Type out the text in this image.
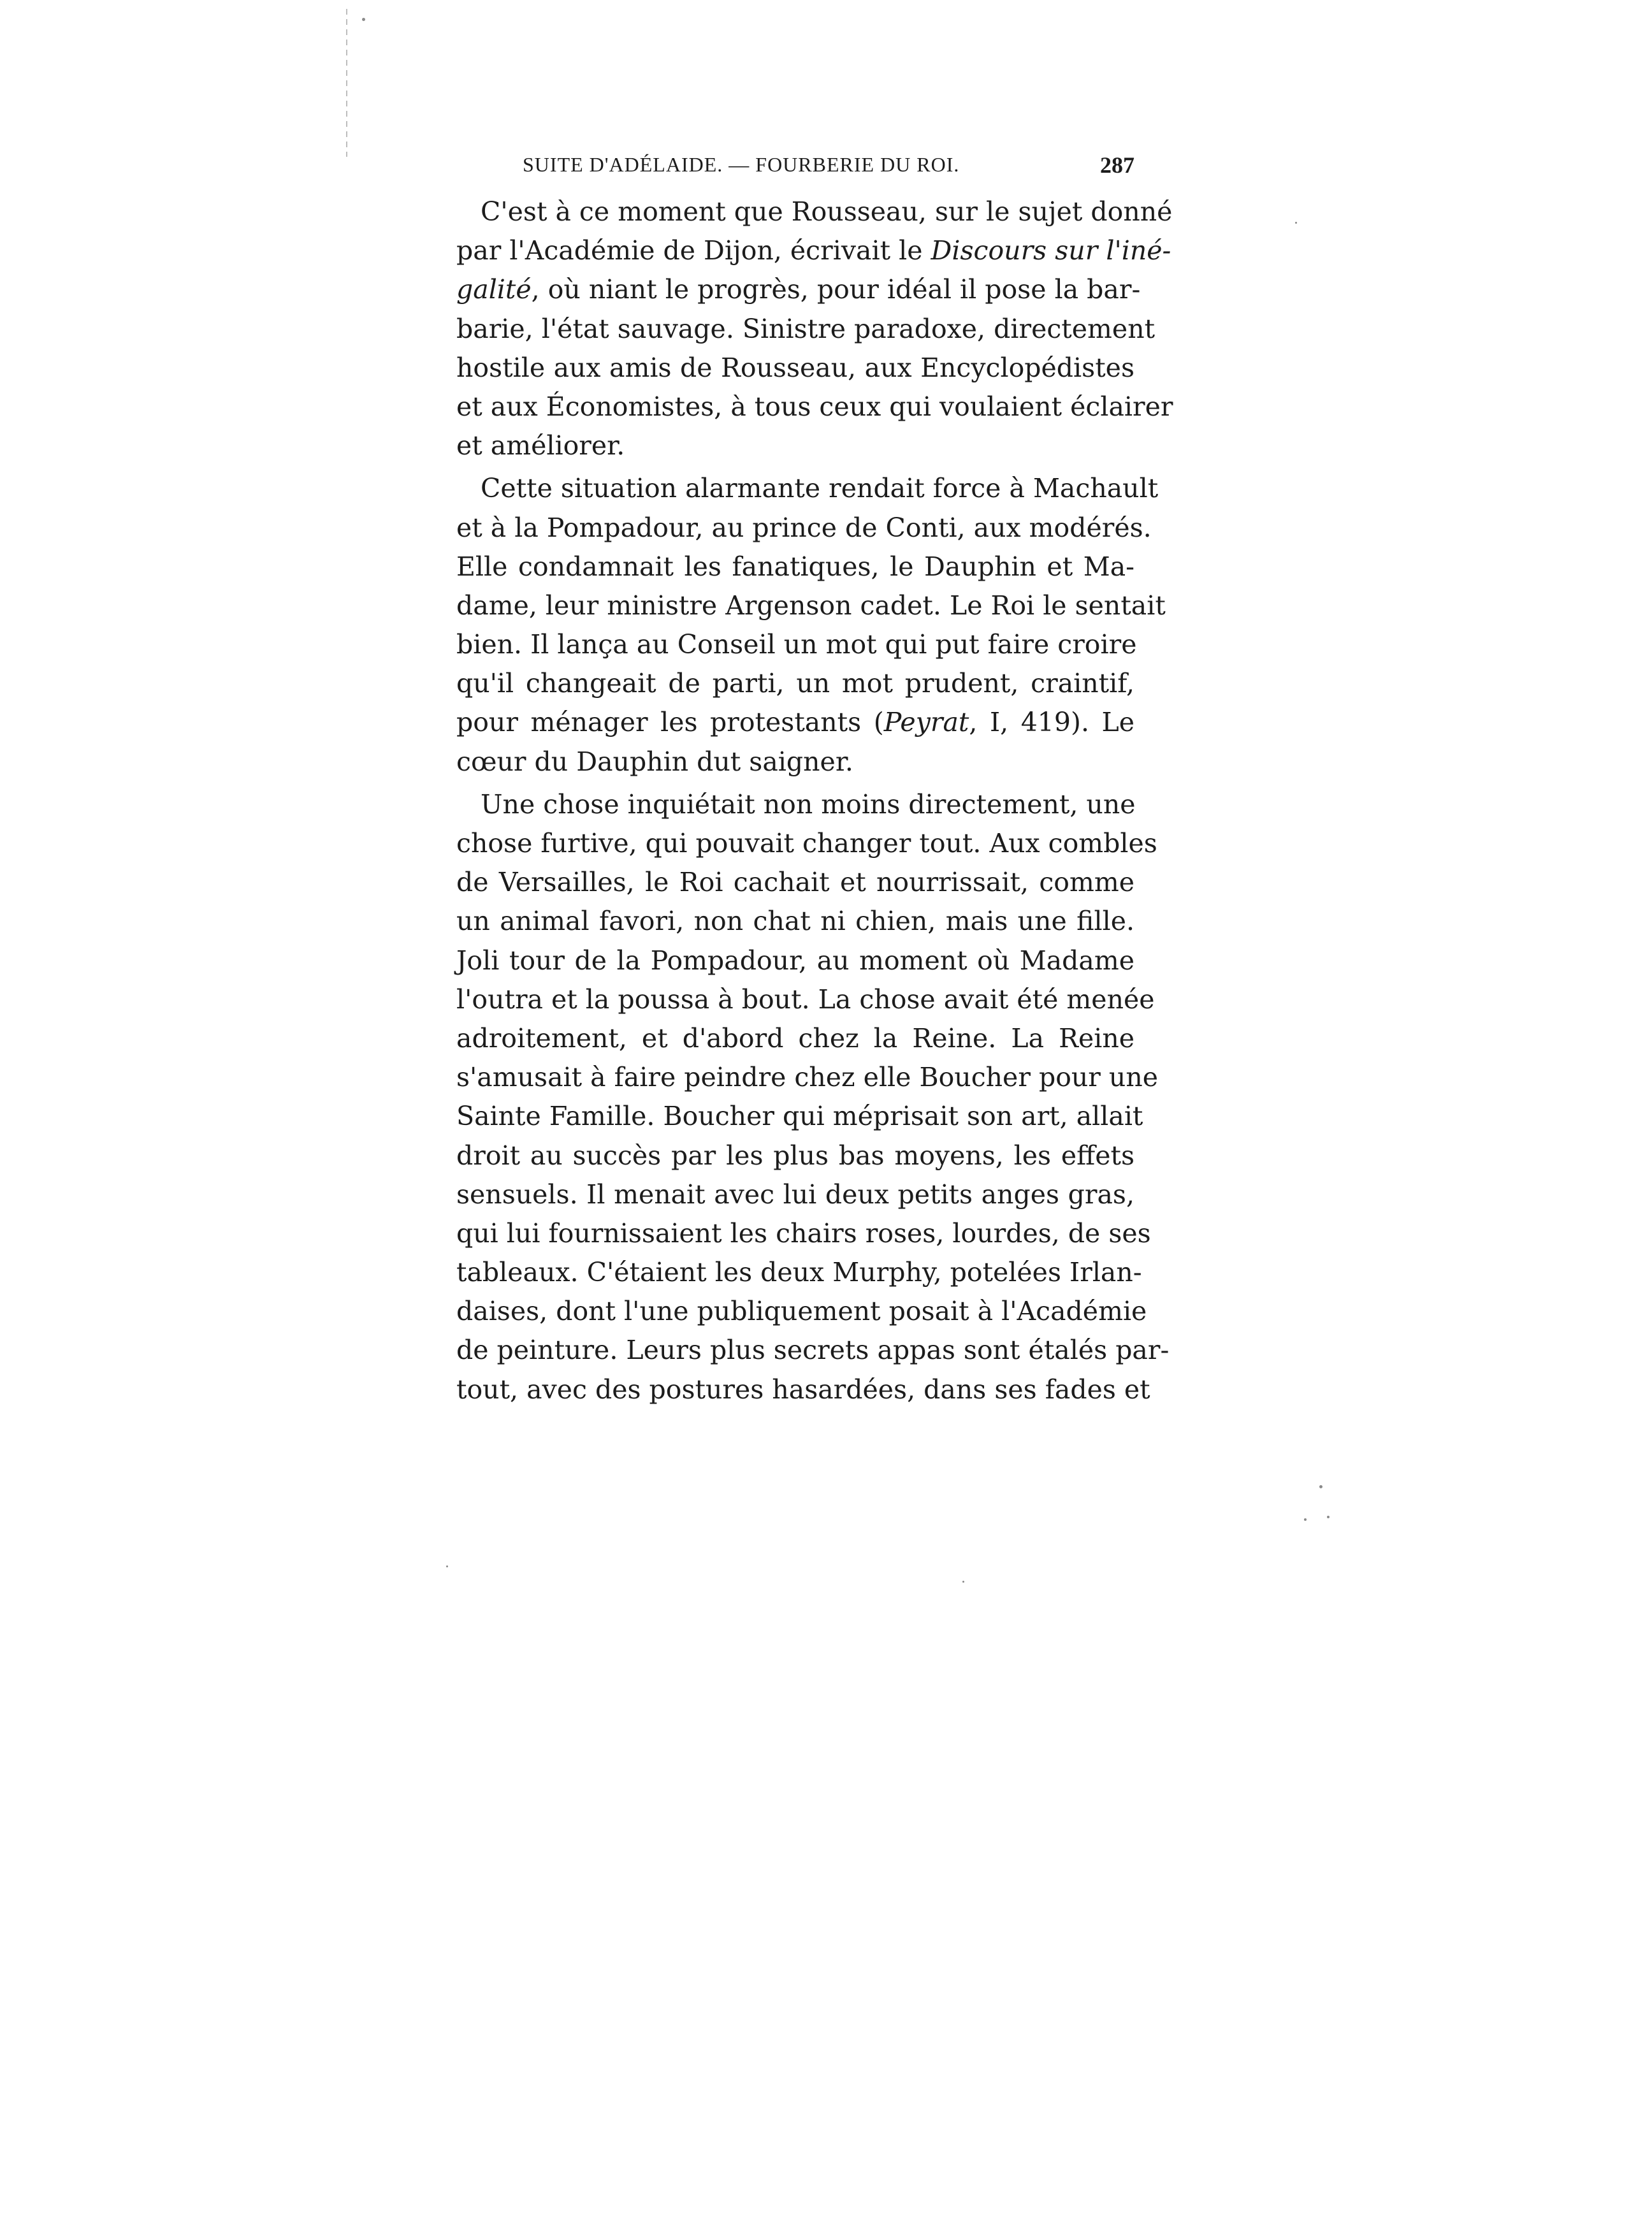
SUITE D'ADÉLAIDE. — FOURBERIE DU ROI.	287
C'est à ce moment que Rousseau, sur le sujet donné
par l'Académie de Dijon, écrivait le Discours sur l'iné-
galité, où niant le progrès, pour idéal il pose la bar-
barie, l'état sauvage. Sinistre paradoxe, directement
hostile aux amis de Rousseau, aux Encyclopédistes
et aux Économistes, à tous ceux qui voulaient éclairer
et améliorer.
Cette situation alarmante rendait force à Machault
et à la Pompadour, au prince de Conti, aux modérés.
Elle condamnait les fanatiques, le Dauphin et Ma-
dame, leur ministre Argenson cadet. Le Roi le sentait
bien. Il lança au Conseil un mot qui put faire croire
qu'il changeait de parti, un mot prudent, craintif,
pour ménager les protestants (Peyrat, I, 419). Le
cœur du Dauphin dut saigner.
Une chose inquiétait non moins directement, une
chose furtive, qui pouvait changer tout. Aux combles
de Versailles, le Roi cachait et nourrissait, comme
un animal favori, non chat ni chien, mais une fille.
Joli tour de la Pompadour, au moment où Madame
l'outra et la poussa à bout. La chose avait été menée
adroitement, et d'abord chez la Reine. La Reine
s'amusait à faire peindre chez elle Boucher pour une
Sainte Famille. Boucher qui méprisait son art, allait
droit au succès par les plus bas moyens, les effets
sensuels. Il menait avec lui deux petits anges gras,
qui lui fournissaient les chairs roses, lourdes, de ses
tableaux. C'étaient les deux Murphy, potelées Irlan-
daises, dont l'une publiquement posait à l'Académie
de peinture. Leurs plus secrets appas sont étalés par-
tout, avec des postures hasardées, dans ses fades et
